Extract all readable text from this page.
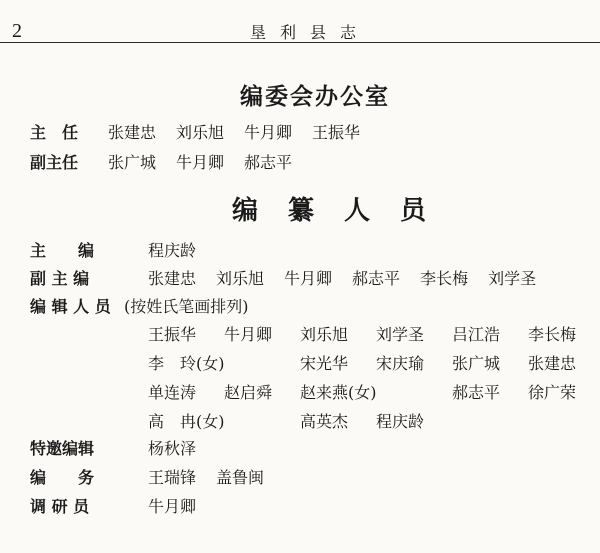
2	垦利县志
编委会办公室
主　任 张建忠 刘乐旭 牛月卿 王振华
副主任 张广城 牛月卿 郝志平
编纂人员
主　　编	程庆龄
副 主 编	张建忠 刘乐旭 牛月卿 郝志平 李长梅 刘学圣
编 辑 人 员 (按姓氏笔画排列)
王振华 牛月卿 刘乐旭 刘学圣 吕江浩 李长梅
李　玲(女)	宋光华 宋庆瑜 张广城 张建忠
单连涛 赵启舜 赵来燕(女)	郝志平 徐广荣
高　冉(女)	高英杰 程庆龄
特邀编辑	杨秋泽
编　　务	王瑞锋 盖鲁闽
调 研 员	牛月卿
